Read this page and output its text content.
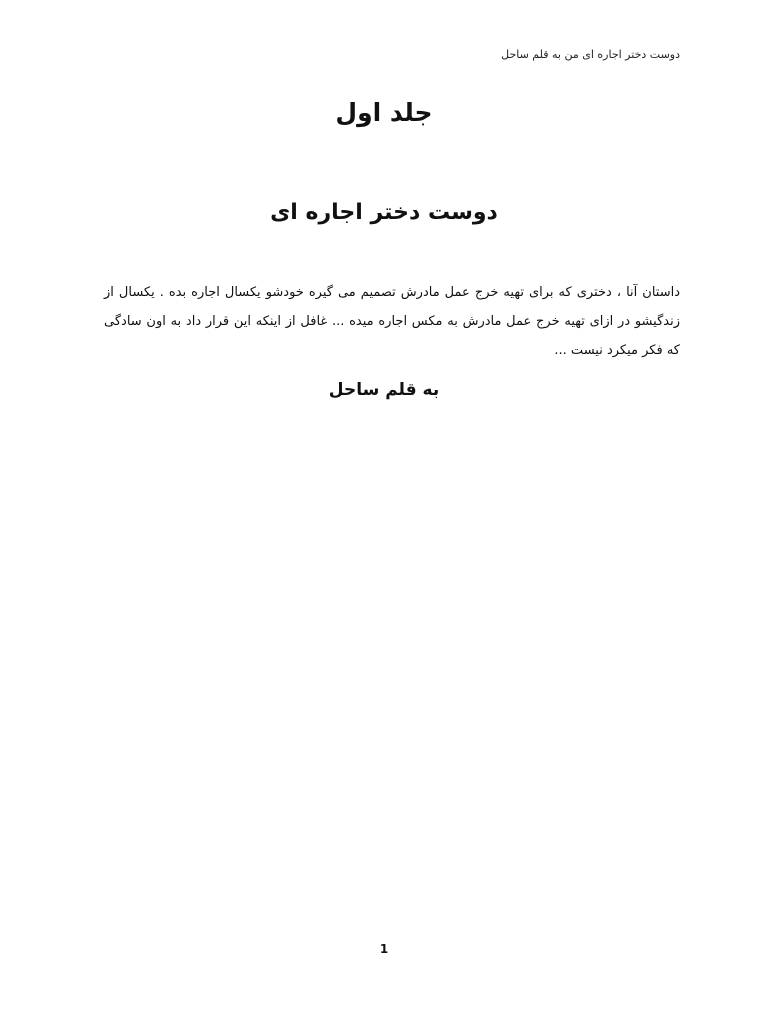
دوست دختر اجاره ای من به قلم ساحل
جلد اول
دوست دختر اجاره ای

داستان آنا ، دختری که برای تهیه خرج عمل مادرش تصمیم می گیره خودشو یکسال اجاره بده . یکسال از زندگیشو در ازای تهیه خرج عمل مادرش به مکس اجاره میده ... غافل از اینکه این قرار داد به اون سادگی که فکر میکرد نیست ...

به قلم ساحل
1
